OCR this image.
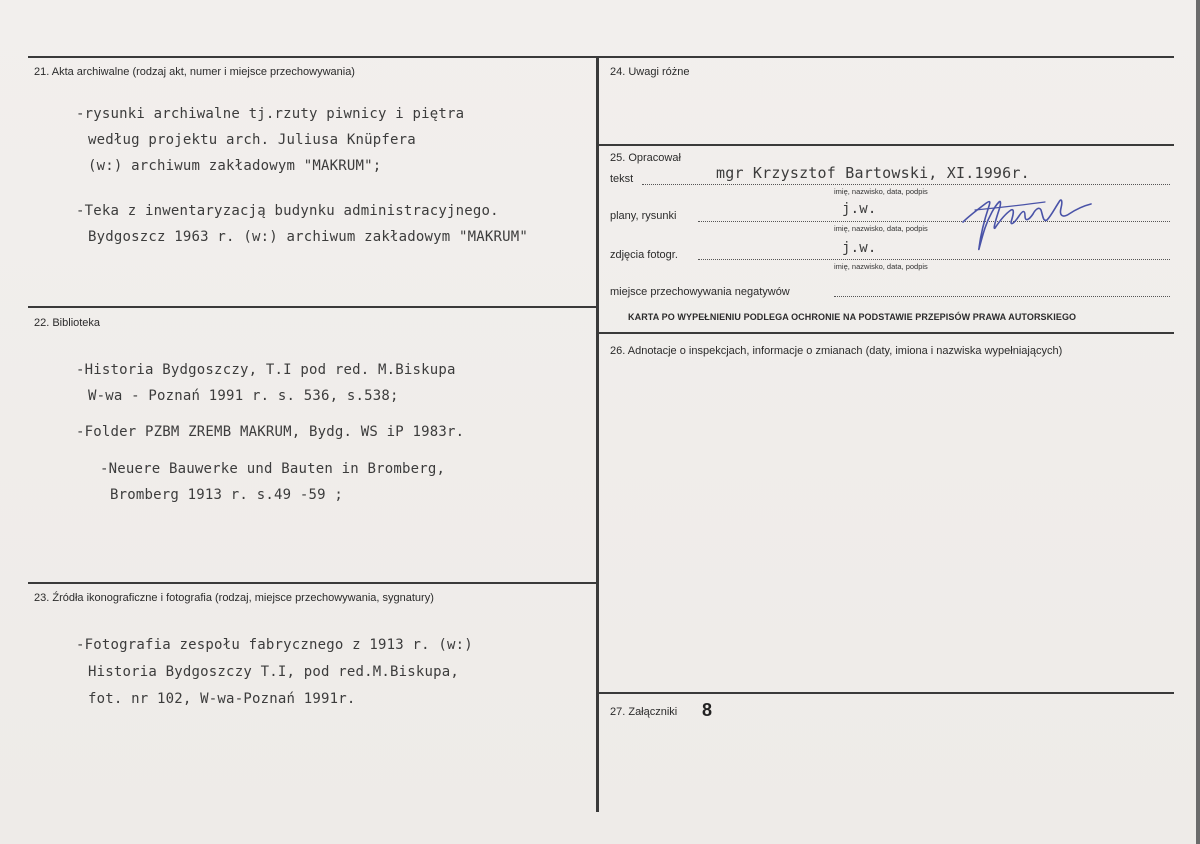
21. Akta archiwalne (rodzaj akt, numer i miejsce przechowywania)
-rysunki archiwalne tj.rzuty piwnicy i piętra
według projektu arch. Juliusa Knüpfera
(w:) archiwum zakładowym "MAKRUM";
-Teka z inwentaryzacją budynku administracyjnego.
Bydgoszcz 1963 r. (w:) archiwum zakładowym "MAKRUM"
22. Biblioteka
-Historia Bydgoszczy, T.I pod red. M.Biskupa
W-wa - Poznań 1991 r. s. 536, s.538;
-Folder PZBM ZREMB MAKRUM, Bydg. WS iP 1983r.
-Neuere Bauwerke und Bauten in Bromberg,
Bromberg 1913 r. s.49 -59 ;
23. Źródła ikonograficzne i fotografia (rodzaj, miejsce przechowywania, sygnatury)
-Fotografia zespołu fabrycznego z 1913 r. (w:)
Historia Bydgoszczy T.I, pod red.M.Biskupa,
fot. nr 102, W-wa-Poznań 1991r.
24. Uwagi różne
25. Opracował
tekst	mgr Krzysztof Bartowski, XI.1996r.
imię, nazwisko, data, podpis
plany, rysunki	j.w.
imię, nazwisko, data, podpis
zdjęcia fotogr.	j.w.
imię, nazwisko, data, podpis
miejsce przechowywania negatywów
KARTA PO WYPEŁNIENIU PODLEGA OCHRONIE NA PODSTAWIE PRZEPISÓW PRAWA AUTORSKIEGO
26. Adnotacje o inspekcjach, informacje o zmianach (daty, imiona i nazwiska wypełniających)
27. Załączniki 8
